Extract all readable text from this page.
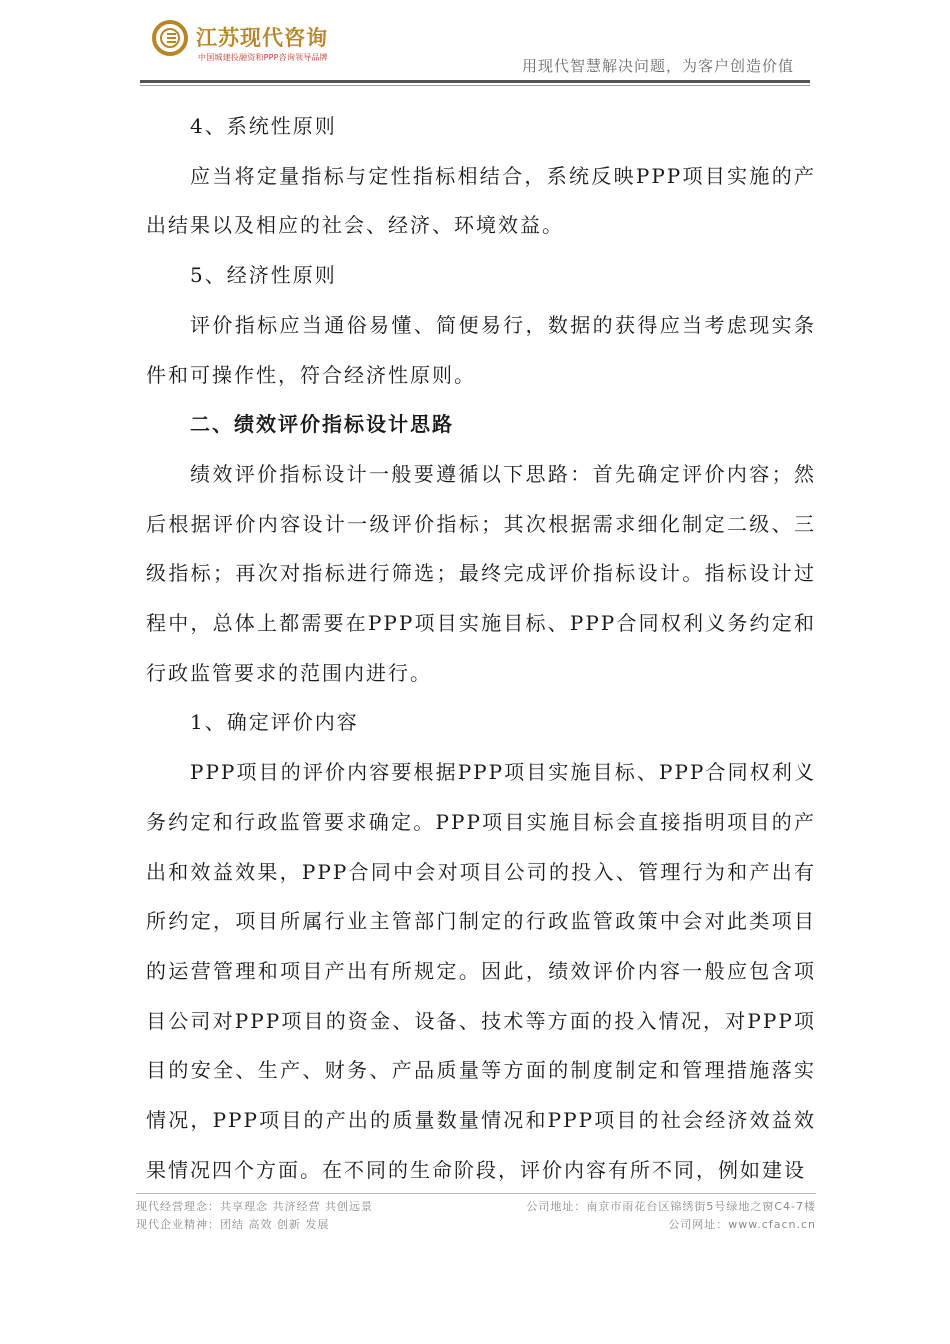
江苏现代咨询
中国城建投融资和PPP咨询领导品牌	用现代智慧解决问题，为客户创造价值

4、系统性原则

应当将定量指标与定性指标相结合，系统反映PPP项目实施的产出结果以及相应的社会、经济、环境效益。

5、经济性原则

评价指标应当通俗易懂、简便易行，数据的获得应当考虑现实条件和可操作性，符合经济性原则。

二、绩效评价指标设计思路

绩效评价指标设计一般要遵循以下思路：首先确定评价内容；然后根据评价内容设计一级评价指标；其次根据需求细化制定二级、三级指标；再次对指标进行筛选；最终完成评价指标设计。指标设计过程中，总体上都需要在PPP项目实施目标、PPP合同权利义务约定和行政监管要求的范围内进行。

1、确定评价内容

PPP项目的评价内容要根据PPP项目实施目标、PPP合同权利义务约定和行政监管要求确定。PPP项目实施目标会直接指明项目的产出和效益效果，PPP合同中会对项目公司的投入、管理行为和产出有所约定，项目所属行业主管部门制定的行政监管政策中会对此类项目的运营管理和项目产出有所规定。因此，绩效评价内容一般应包含项目公司对PPP项目的资金、设备、技术等方面的投入情况，对PPP项目的安全、生产、财务、产品质量等方面的制度制定和管理措施落实情况，PPP项目的产出的质量数量情况和PPP项目的社会经济效益效果情况四个方面。在不同的生命阶段，评价内容有所不同，例如建设

现代经营理念：共享理念 共济经营 共创远景	公司地址：南京市雨花台区锦绣街5号绿地之窗C4-7楼
现代企业精神：团结 高效 创新 发展	公司网址：www.cfacn.cn
